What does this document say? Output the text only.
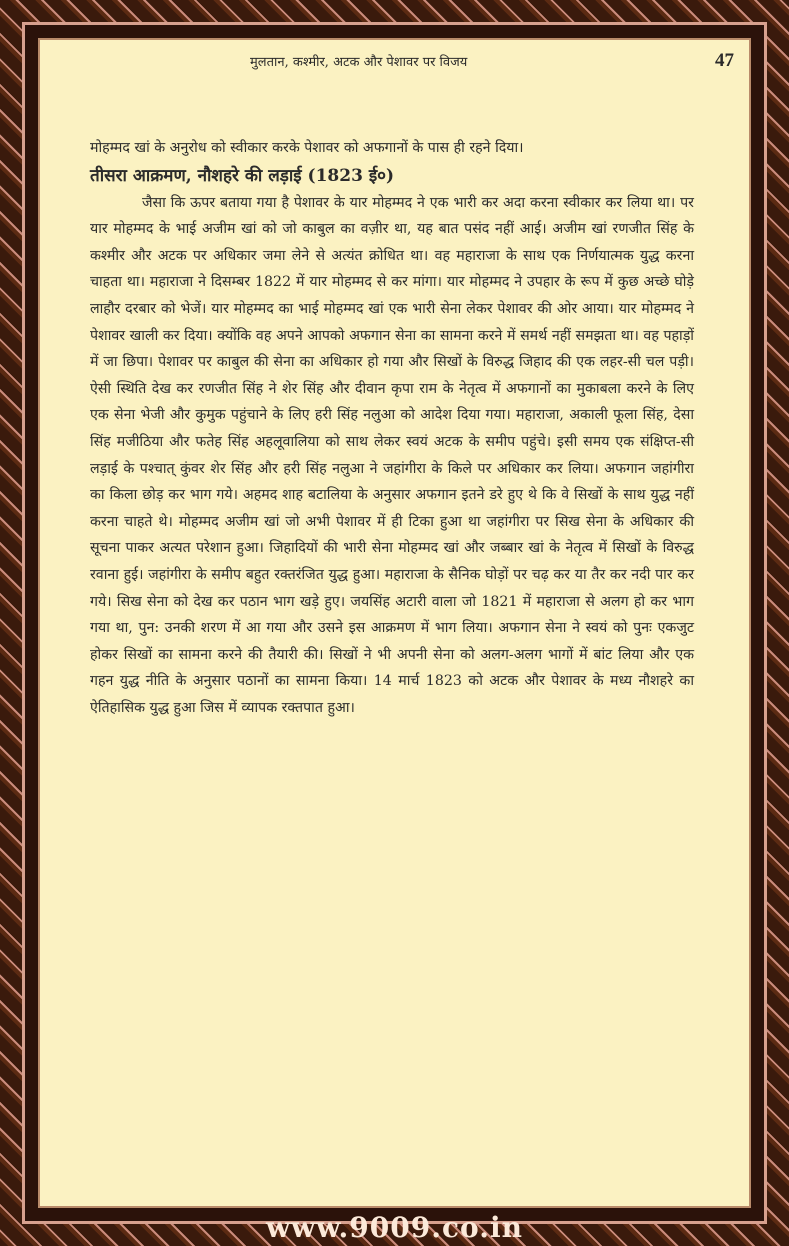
मुलतान, कश्मीर, अटक और पेशावर पर विजय	47

मोहम्मद खां के अनुरोध को स्वीकार करके पेशावर को अफगानों के पास ही रहने दिया।

तीसरा आक्रमण, नौशहरे की लड़ाई (1823 ई०)

जैसा कि ऊपर बताया गया है पेशावर के यार मोहम्मद ने एक भारी कर अदा करना स्वीकार कर लिया था। पर यार मोहम्मद के भाई अजीम खां को जो काबुल का वज़ीर था, यह बात पसंद नहीं आई। अजीम खां रणजीत सिंह के कश्मीर और अटक पर अधिकार जमा लेने से अत्यंत क्रोधित था। वह महाराजा के साथ एक निर्णयात्मक युद्ध करना चाहता था। महाराजा ने दिसम्बर 1822 में यार मोहम्मद से कर मांगा। यार मोहम्मद ने उपहार के रूप में कुछ अच्छे घोड़े लाहौर दरबार को भेजें। यार मोहम्मद का भाई मोहम्मद खां एक भारी सेना लेकर पेशावर की ओर आया। यार मोहम्मद ने पेशावर खाली कर दिया। क्योंकि वह अपने आपको अफगान सेना का सामना करने में समर्थ नहीं समझता था। वह पहाड़ों में जा छिपा। पेशावर पर काबुल की सेना का अधिकार हो गया और सिखों के विरुद्ध जिहाद की एक लहर-सी चल पड़ी। ऐसी स्थिति देख कर रणजीत सिंह ने शेर सिंह और दीवान कृपा राम के नेतृत्व में अफगानों का मुकाबला करने के लिए एक सेना भेजी और कुमुक पहुंचाने के लिए हरी सिंह नलुआ को आदेश दिया गया। महाराजा, अकाली फूला सिंह, देसा सिंह मजीठिया और फतेह सिंह अहलूवालिया को साथ लेकर स्वयं अटक के समीप पहुंचे। इसी समय एक संक्षिप्त-सी लड़ाई के पश्चात् कुंवर शेर सिंह और हरी सिंह नलुआ ने जहांगीरा के किले पर अधिकार कर लिया। अफगान जहांगीरा का किला छोड़ कर भाग गये। अहमद शाह बटालिया के अनुसार अफगान इतने डरे हुए थे कि वे सिखों के साथ युद्ध नहीं करना चाहते थे। मोहम्मद अजीम खां जो अभी पेशावर में ही टिका हुआ था जहांगीरा पर सिख सेना के अधिकार की सूचना पाकर अत्यत परेशान हुआ। जिहादियों की भारी सेना मोहम्मद खां और जब्बार खां के नेतृत्व में सिखों के विरुद्ध रवाना हुई। जहांगीरा के समीप बहुत रक्तरंजित युद्ध हुआ। महाराजा के सैनिक घोड़ों पर चढ़ कर या तैर कर नदी पार कर गये। सिख सेना को देख कर पठान भाग खड़े हुए। जयसिंह अटारी वाला जो 1821 में महाराजा से अलग हो कर भाग गया था, पुन: उनकी शरण में आ गया और उसने इस आक्रमण में भाग लिया। अफगान सेना ने स्वयं को पुनः एकजुट होकर सिखों का सामना करने की तैयारी की। सिखों ने भी अपनी सेना को अलग-अलग भागों में बांट लिया और एक गहन युद्ध नीति के अनुसार पठानों का सामना किया। 14 मार्च 1823 को अटक और पेशावर के मध्य नौशहरे का ऐतिहासिक युद्ध हुआ जिस में व्यापक रक्तपात हुआ।

www.9009.co.in
